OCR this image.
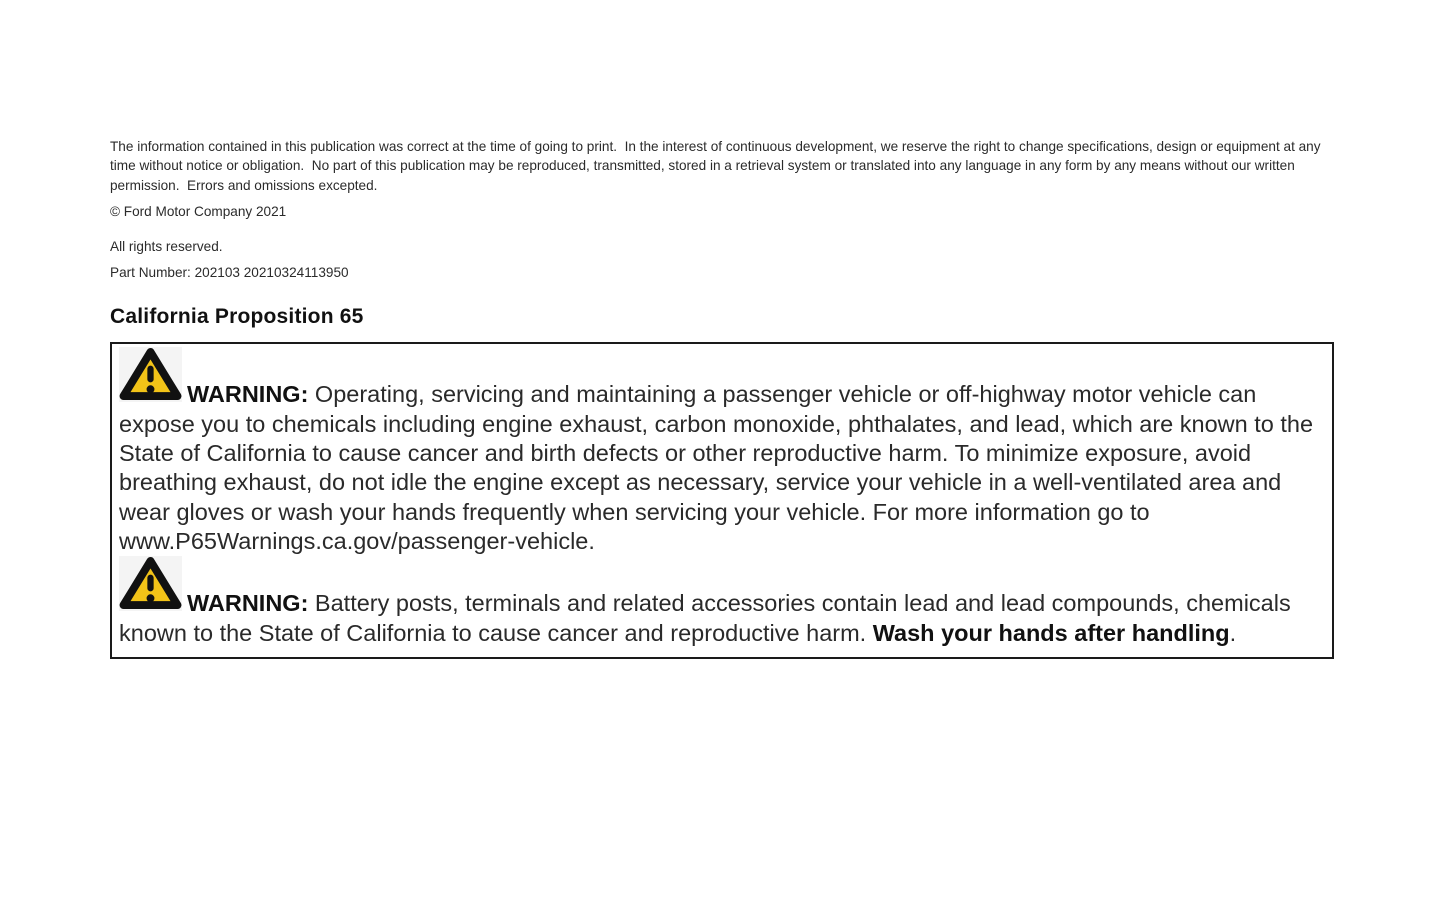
The information contained in this publication was correct at the time of going to print.  In the interest of continuous development, we reserve the right to change specifications, design or equipment at any time without notice or obligation.  No part of this publication may be reproduced, transmitted, stored in a retrieval system or translated into any language in any form by any means without our written permission.  Errors and omissions excepted.

© Ford Motor Company 2021

All rights reserved.

Part Number: 202103 20210324113950

California Proposition 65

WARNING: Operating, servicing and maintaining a passenger vehicle or off-highway motor vehicle can expose you to chemicals including engine exhaust, carbon monoxide, phthalates, and lead, which are known to the State of California to cause cancer and birth defects or other reproductive harm. To minimize exposure, avoid breathing exhaust, do not idle the engine except as necessary, service your vehicle in a well-ventilated area and wear gloves or wash your hands frequently when servicing your vehicle. For more information go to www.P65Warnings.ca.gov/passenger-vehicle.

WARNING: Battery posts, terminals and related accessories contain lead and lead compounds, chemicals known to the State of California to cause cancer and reproductive harm. Wash your hands after handling.
